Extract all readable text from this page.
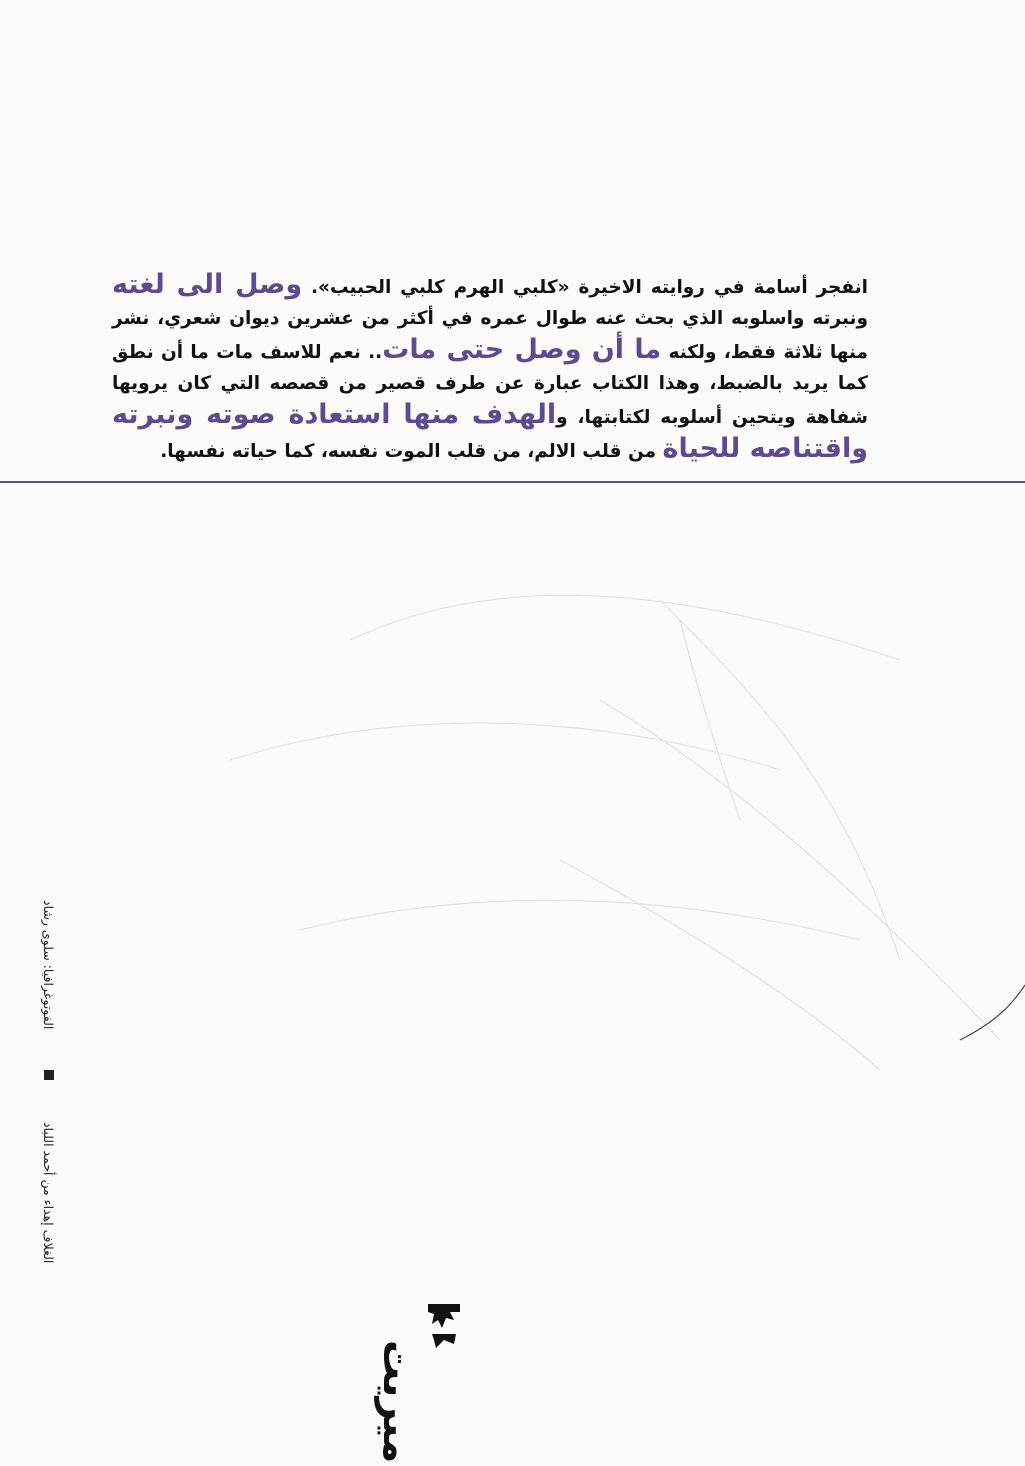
انفجر أسامة في روايته الاخيرة «كلبي الهرم كلبي الحبيب». وصل الى لغته ونبرته واسلوبه الذي بحث عنه طوال عمره في أكثر من عشرين ديوان شعري، نشر منها ثلاثة فقط، ولكنه ما أن وصل حتى مات.. نعم للاسف مات ما أن نطق كما يريد بالضبط، وهذا الكتاب عبارة عن طرف قصير من قصصه التي كان يرويها شفاهة ويتحين أسلوبه لكتابتها، والهدف منها استعادة صوته ونبرته واقتناصه للحياة من قلب الالم، من قلب الموت نفسه، كما حياته نفسها.

الفوتوغرافيا: سلوى رشاد
الغلاف إهداء من أحمد اللباد
ميريت
